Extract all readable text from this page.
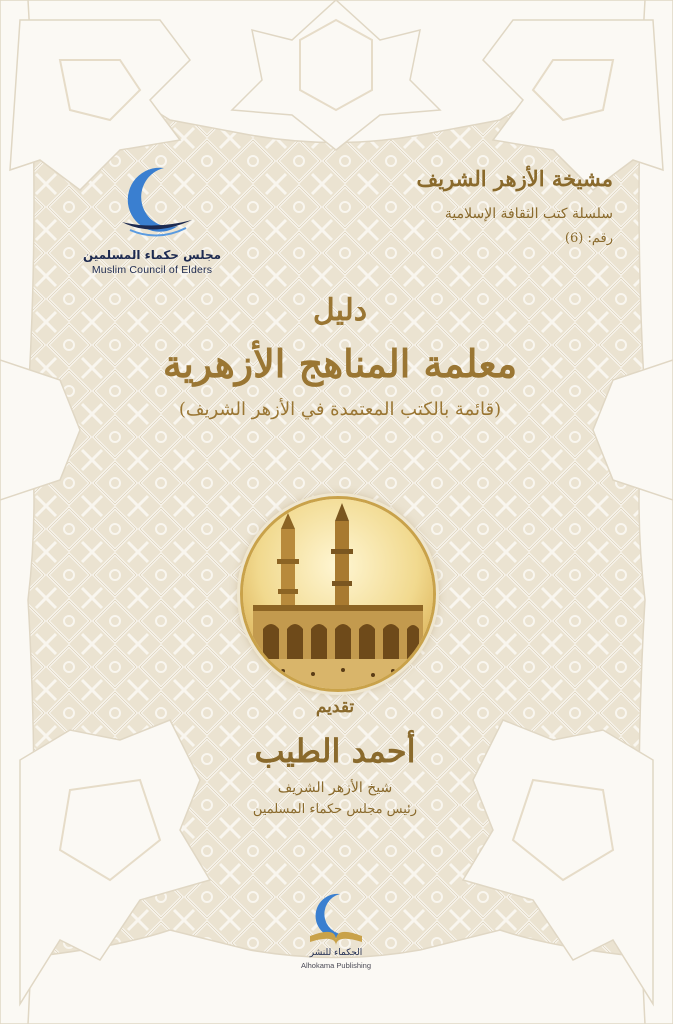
مجلس حكماء المسلمين
Muslim Council of Elders
مشيخة الأزهر الشريف
سلسلة كتب الثقافة الإسلامية
رقم: (6)
دليل
معلمة المناهج الأزهرية
(قائمة بالكتب المعتمدة في الأزهر الشريف)
تقديم
أحمد الطيب
شيخ الأزهر الشريف
رئيس مجلس حكماء المسلمين
الحكماء للنشر
Alhokama Publishing
